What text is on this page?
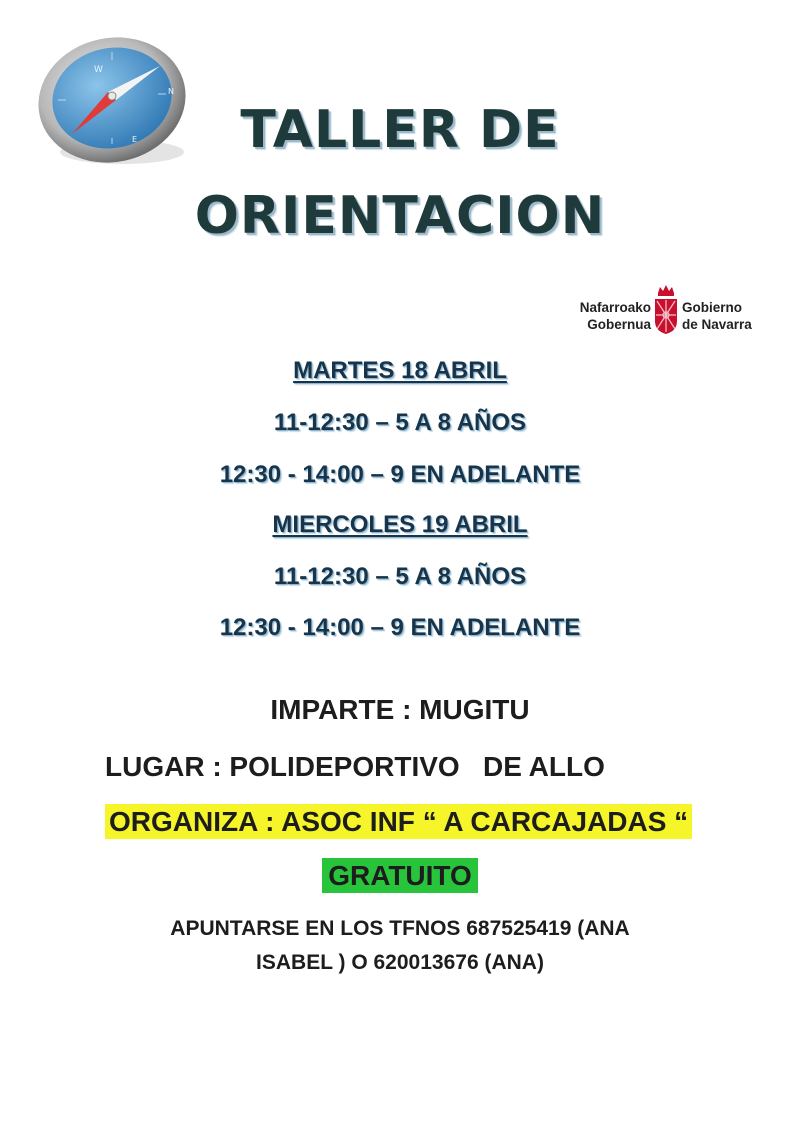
W
N
E	TALLER DE
ORIENTACION
Nafarroako
Gobernua
Gobierno
de Navarra
MARTES 18 ABRIL
11-12:30 – 5 A 8 AÑOS
12:30 - 14:00 – 9 EN ADELANTE
MIERCOLES 19 ABRIL
11-12:30 – 5 A 8 AÑOS
12:30 - 14:00 – 9 EN ADELANTE
IMPARTE : MUGITU
LUGAR : POLIDEPORTIVO   DE ALLO
ORGANIZA : ASOC INF “ A CARCAJADAS “
GRATUITO
APUNTARSE EN LOS TFNOS 687525419 (ANA
ISABEL ) O 620013676 (ANA)
